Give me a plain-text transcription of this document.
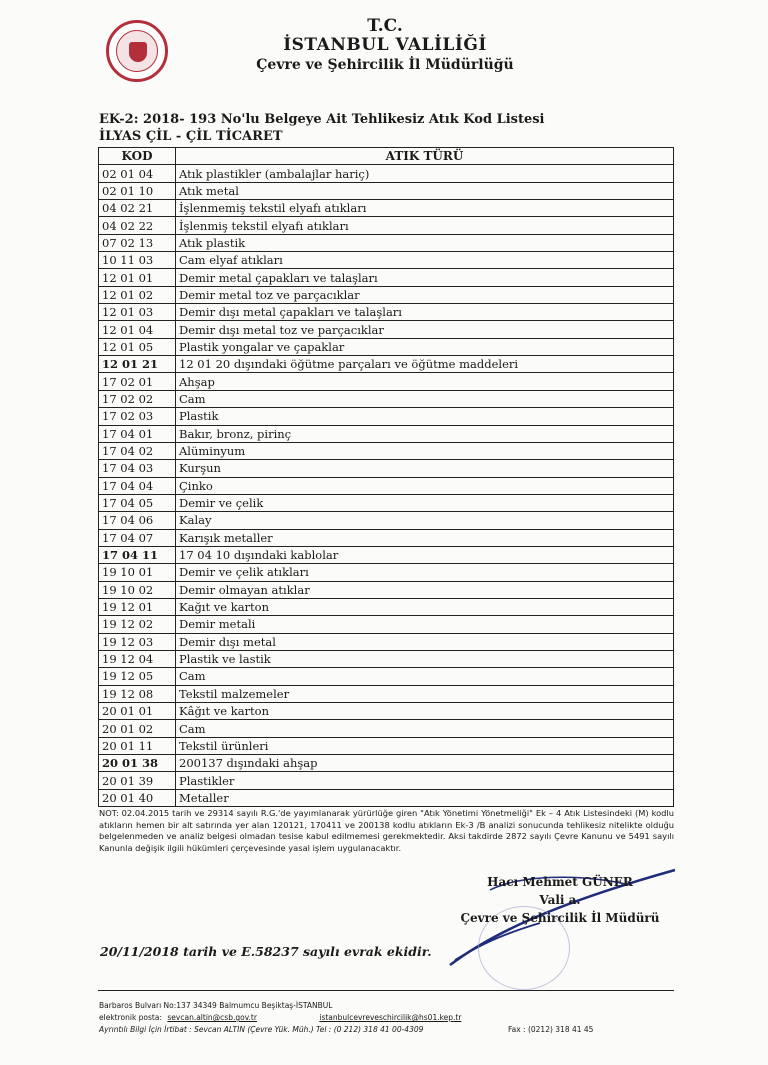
T.C.
İSTANBUL VALİLİĞİ
Çevre ve Şehircilik İl Müdürlüğü
EK-2: 2018- 193 No'lu Belgeye Ait Tehlikesiz Atık Kod Listesi
İLYAS ÇİL - ÇİL TİCARET
KOD	ATIK TÜRÜ
02 01 04	Atık plastikler (ambalajlar hariç)
02 01 10	Atık metal
04 02 21	İşlenmemiş tekstil elyafı atıkları
04 02 22	İşlenmiş tekstil elyafı atıkları
07 02 13	Atık plastik
10 11 03	Cam elyaf atıkları
12 01 01	Demir metal çapakları ve talaşları
12 01 02	Demir metal toz ve parçacıklar
12 01 03	Demir dışı metal çapakları ve talaşları
12 01 04	Demir dışı metal toz ve parçacıklar
12 01 05	Plastik yongalar ve çapaklar
12 01 21	12 01 20 dışındaki öğütme parçaları ve öğütme maddeleri
17 02 01	Ahşap
17 02 02	Cam
17 02 03	Plastik
17 04 01	Bakır, bronz, pirinç
17 04 02	Alüminyum
17 04 03	Kurşun
17 04 04	Çinko
17 04 05	Demir ve çelik
17 04 06	Kalay
17 04 07	Karışık metaller
17 04 11	17 04 10 dışındaki kablolar
19 10 01	Demir ve çelik atıkları
19 10 02	Demir olmayan atıklar
19 12 01	Kağıt ve karton
19 12 02	Demir metali
19 12 03	Demir dışı metal
19 12 04	Plastik ve lastik
19 12 05	Cam
19 12 08	Tekstil malzemeler
20 01 01	Kâğıt ve karton
20 01 02	Cam
20 01 11	Tekstil ürünleri
20 01 38	200137 dışındaki ahşap
20 01 39	Plastikler
20 01 40	Metaller
NOT: 02.04.2015 tarih ve 29314 sayılı R.G.'de yayımlanarak yürürlüğe giren "Atık Yönetimi Yönetmeliği" Ek – 4 Atık Listesindeki (M) kodlu atıkların hemen bir alt satırında yer alan 120121, 170411 ve 200138 kodlu atıkların Ek-3 /B analizi sonucunda tehlikesiz nitelikte olduğu belgelenmeden ve analiz belgesi olmadan tesise kabul edilmemesi gerekmektedir. Aksi takdirde 2872 sayılı Çevre Kanunu ve 5491 sayılı Kanunla değişik ilgili hükümleri çerçevesinde yasal işlem uygulanacaktır.
Hacı Mehmet GÜNER
Vali a.
Çevre ve Şehircilik İl Müdürü
20/11/2018 tarih ve E.58237 sayılı evrak ekidir.
Barbaros Bulvarı No:137 34349 Balmumcu Beşiktaş-İSTANBUL
elektronik posta: sevcan.altin@csb.gov.tr	istanbulcevreveschircilik@hs01.kep.tr
Ayrıntılı Bilgi İçin İrtibat : Sevcan ALTIN (Çevre Yük. Müh.) Tel : (0 212) 318 41 00-4309	Fax : (0212) 318 41 45
